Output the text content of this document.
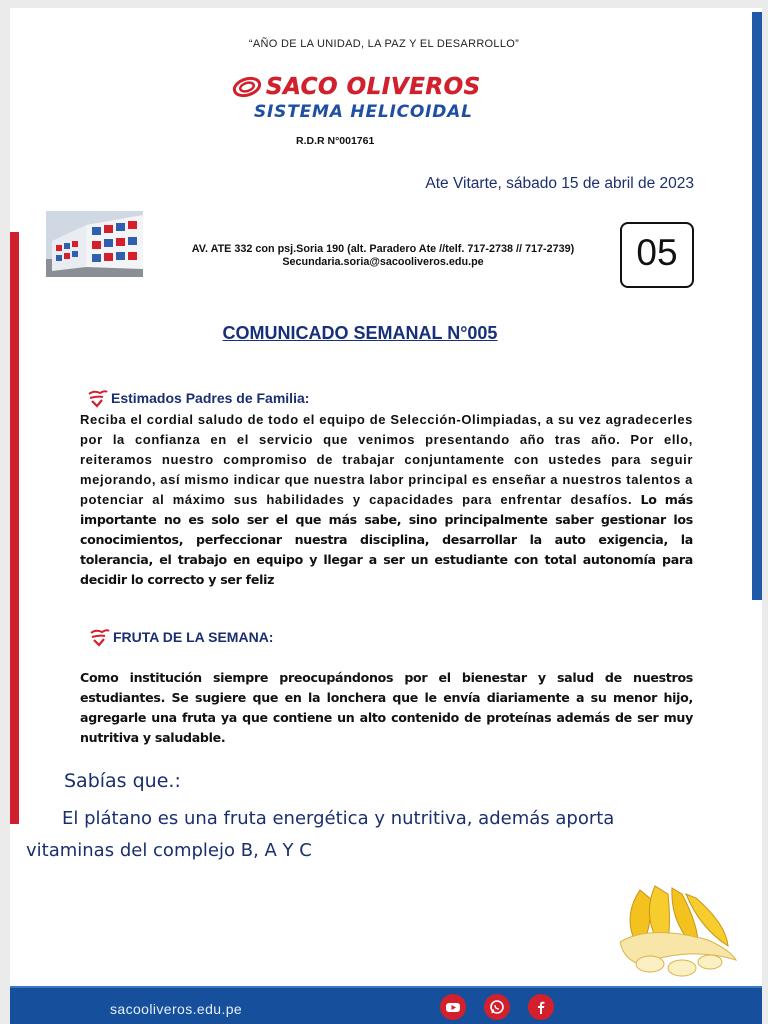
“AÑO DE LA UNIDAD, LA PAZ Y EL DESARROLLO”
SACO OLIVEROS
SISTEMA HELICOIDAL
R.D.R N°001761
Ate Vitarte, sábado 15 de abril de 2023
AV. ATE 332 con psj.Soria 190 (alt. Paradero Ate //telf. 717-2738 // 717-2739)
Secundaria.soria@sacooliveros.edu.pe	05
COMUNICADO SEMANAL N°005
Estimados Padres de Familia:

Reciba el cordial saludo de todo el equipo de Selección-Olimpiadas, a su vez agradecerles por la confianza en el servicio que venimos presentando año tras año. Por ello, reiteramos nuestro compromiso de trabajar conjuntamente con ustedes para seguir mejorando, así mismo indicar que nuestra labor principal es enseñar a nuestros talentos a potenciar al máximo sus habilidades y capacidades para enfrentar desafíos. Lo más importante no es solo ser el que más sabe, sino principalmente saber gestionar los conocimientos, perfeccionar nuestra disciplina, desarrollar la auto exigencia, la tolerancia, el trabajo en equipo y llegar a ser un estudiante con total autonomía para decidir lo correcto y ser feliz

FRUTA DE LA SEMANA:

Como institución siempre preocupándonos por el bienestar y salud de nuestros estudiantes. Se sugiere que en la lonchera que le envía diariamente a su menor hijo, agregarle una fruta ya que contiene un alto contenido de proteínas además de ser muy nutritiva y saludable.

Sabías que.:

El plátano es una fruta energética y nutritiva, además aporta vitaminas del complejo B, A Y C

sacooliveros.edu.pe
